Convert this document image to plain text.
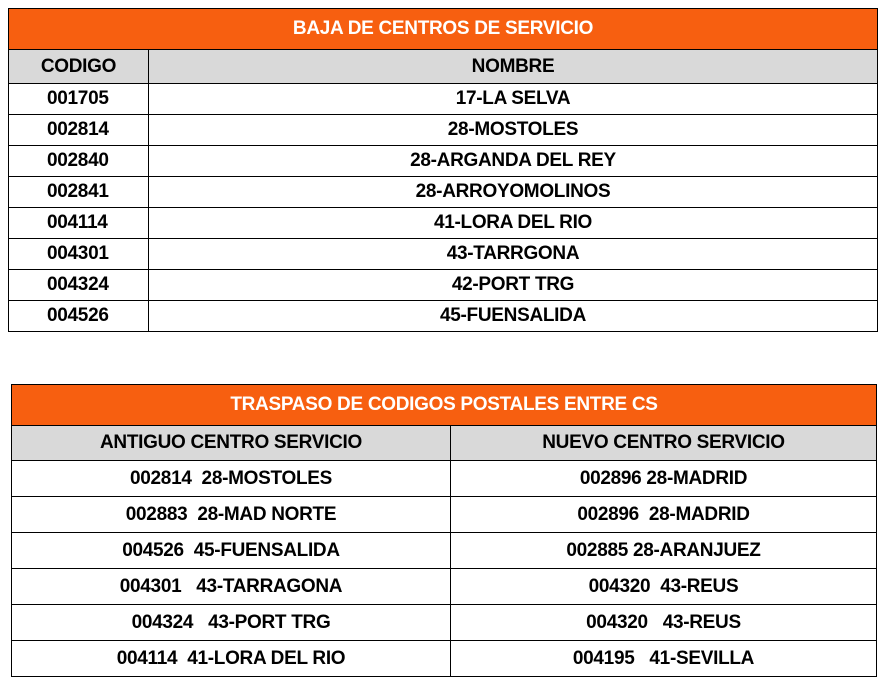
BAJA DE CENTROS DE SERVICIO	
CODIGO	NOMBRE
001705	17-LA SELVA
002814	28-MOSTOLES
002840	28-ARGANDA DEL REY
002841	28-ARROYOMOLINOS
004114	41-LORA DEL RIO
004301	43-TARRGONA
004324	42-PORT TRG
004526	45-FUENSALIDA
TRASPASO DE CODIGOS POSTALES ENTRE CS	
ANTIGUO CENTRO SERVICIO	NUEVO CENTRO SERVICIO
002814  28-MOSTOLES	002896 28-MADRID
002883  28-MAD NORTE	002896  28-MADRID
004526  45-FUENSALIDA	002885 28-ARANJUEZ
004301   43-TARRAGONA	004320  43-REUS
004324   43-PORT TRG	004320   43-REUS
004114  41-LORA DEL RIO	004195   41-SEVILLA
